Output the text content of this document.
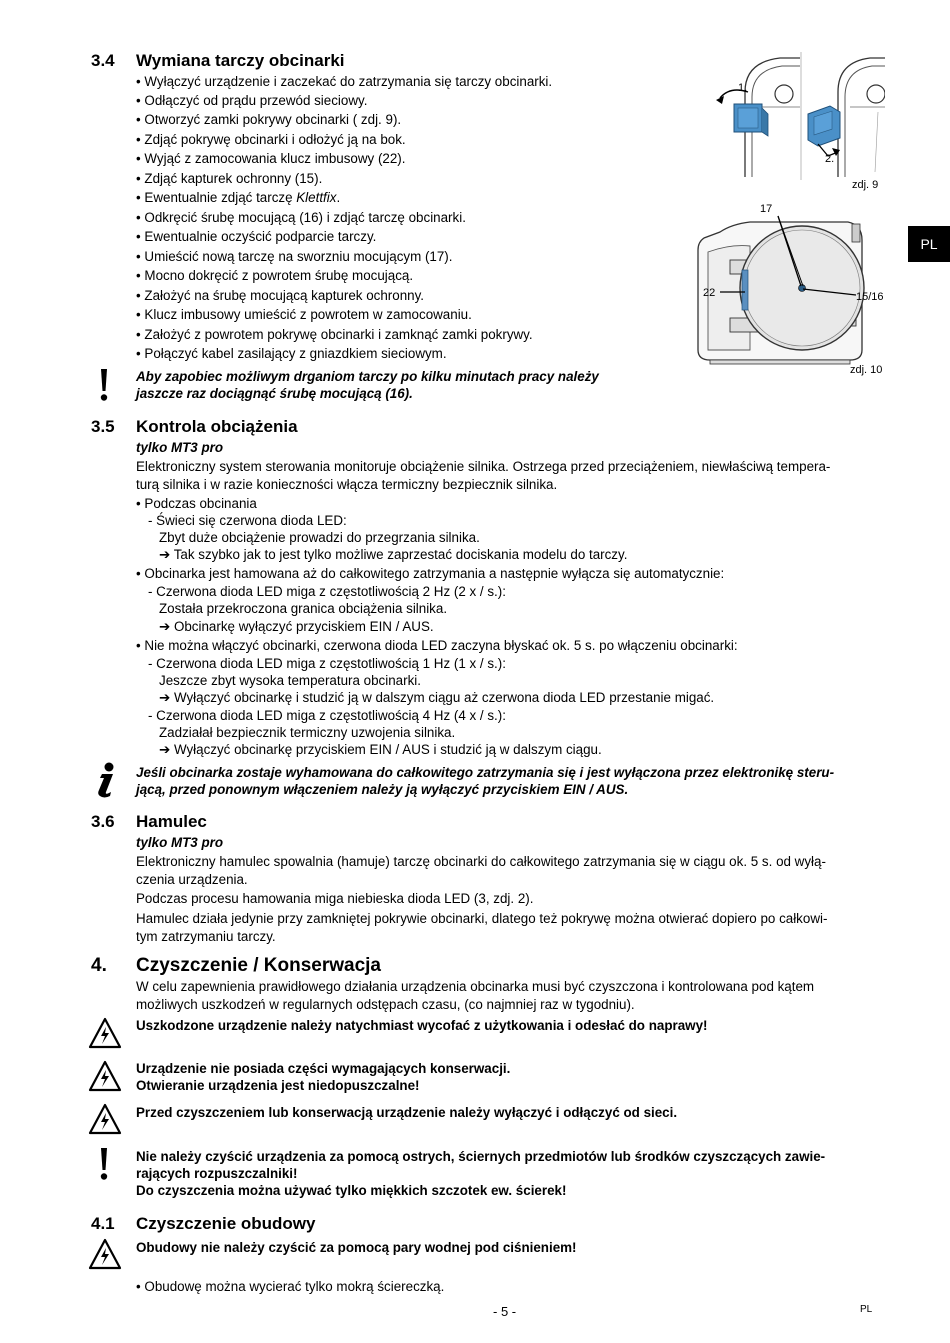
PL
3.4 Wymiana tarczy obcinarki
• Wyłączyć urządzenie i zaczekać do zatrzymania się tarczy obcinarki.
• Odłączyć od prądu przewód sieciowy.
• Otworzyć zamki pokrywy obcinarki ( zdj. 9).
• Zdjąć pokrywę obcinarki i odłożyć ją na bok.
• Wyjąć z zamocowania klucz imbusowy (22).
• Zdjąć kapturek ochronny (15).
• Ewentualnie zdjąć tarczę Klettfix.
• Odkręcić śrubę mocującą (16) i zdjąć tarczę obcinarki.
• Ewentualnie oczyścić podparcie tarczy.
• Umieścić nową tarczę na sworzniu mocującym (17).
• Mocno dokręcić z powrotem śrubę mocującą.
• Założyć na śrubę mocującą kapturek ochronny.
• Klucz imbusowy umieścić z powrotem w zamocowaniu.
• Założyć z powrotem pokrywę obcinarki i zamknąć zamki pokrywy.
• Połączyć kabel zasilający z gniazdkiem sieciowym.
Aby zapobiec możliwym drganiom tarczy po kilku minutach pracy należy
jaszcze raz dociągnąć śrubę mocującą (16).
1.
2.
zdj. 9
17
22	15/16
zdj. 10
3.5 Kontrola obciążenia
tylko MT3 pro
Elektroniczny system sterowania monitoruje obciążenie silnika. Ostrzega przed przeciążeniem, niewłaściwą tempera-
turą silnika i w razie konieczności włącza termiczny bezpiecznik silnika.
• Podczas obcinania
- Świeci się czerwona dioda LED:
Zbyt duże obciążenie prowadzi do przegrzania silnika.
➔ Tak szybko jak to jest tylko możliwe zaprzestać dociskania modelu do tarczy.
• Obcinarka jest hamowana aż do całkowitego zatrzymania a następnie wyłącza się automatycznie:
- Czerwona dioda LED miga z częstotliwością 2 Hz (2 x / s.):
Została przekroczona granica obciążenia silnika.
➔ Obcinarkę wyłączyć przyciskiem EIN / AUS.
• Nie można włączyć obcinarki, czerwona dioda LED zaczyna błyskać ok. 5 s. po włączeniu obcinarki:
- Czerwona dioda LED miga z częstotliwością 1 Hz (1 x / s.):
Jeszcze zbyt wysoka temperatura obcinarki.
➔ Wyłączyć obcinarkę i studzić ją w dalszym ciągu aż czerwona dioda LED przestanie migać.
- Czerwona dioda LED miga z częstotliwością 4 Hz (4 x / s.):
Zadziałał bezpiecznik termiczny uzwojenia silnika.
➔ Wyłączyć obcinarkę przyciskiem EIN / AUS i studzić ją w dalszym ciągu.
Jeśli obcinarka zostaje wyhamowana do całkowitego zatrzymania się i jest wyłączona przez elektronikę steru-
jącą, przed ponownym włączeniem należy ją wyłączyć przyciskiem EIN / AUS.
3.6 Hamulec
tylko MT3 pro
Elektroniczny hamulec spowalnia (hamuje) tarczę obcinarki do całkowitego zatrzymania się w ciągu ok. 5 s. od wyłą-
czenia urządzenia.
Podczas procesu hamowania miga niebieska dioda LED (3, zdj. 2).
Hamulec działa jedynie przy zamkniętej pokrywie obcinarki, dlatego też pokrywę można otwierać dopiero po całkowi-
tym zatrzymaniu tarczy.
4. Czyszczenie / Konserwacja
W celu zapewnienia prawidłowego działania urządzenia obcinarka musi być czyszczona i kontrolowana pod kątem
możliwych uszkodzeń w regularnych odstępach czasu, (co najmniej raz w tygodniu).
Uszkodzone urządzenie należy natychmiast wycofać z użytkowania i odesłać do naprawy!
Urządzenie nie posiada części wymagających konserwacji.
Otwieranie urządzenia jest niedopuszczalne!
Przed czyszczeniem lub konserwacją urządzenie należy wyłączyć i odłączyć od sieci.
Nie należy czyścić urządzenia za pomocą ostrych, ściernych przedmiotów lub środków czyszczących zawie-
rających rozpuszczalniki!
Do czyszczenia można używać tylko miękkich szczotek ew. ścierek!
4.1 Czyszczenie obudowy
Obudowy nie należy czyścić za pomocą pary wodnej pod ciśnieniem!
• Obudowę można wycierać tylko mokrą ściereczką.
- 5 -	PL
